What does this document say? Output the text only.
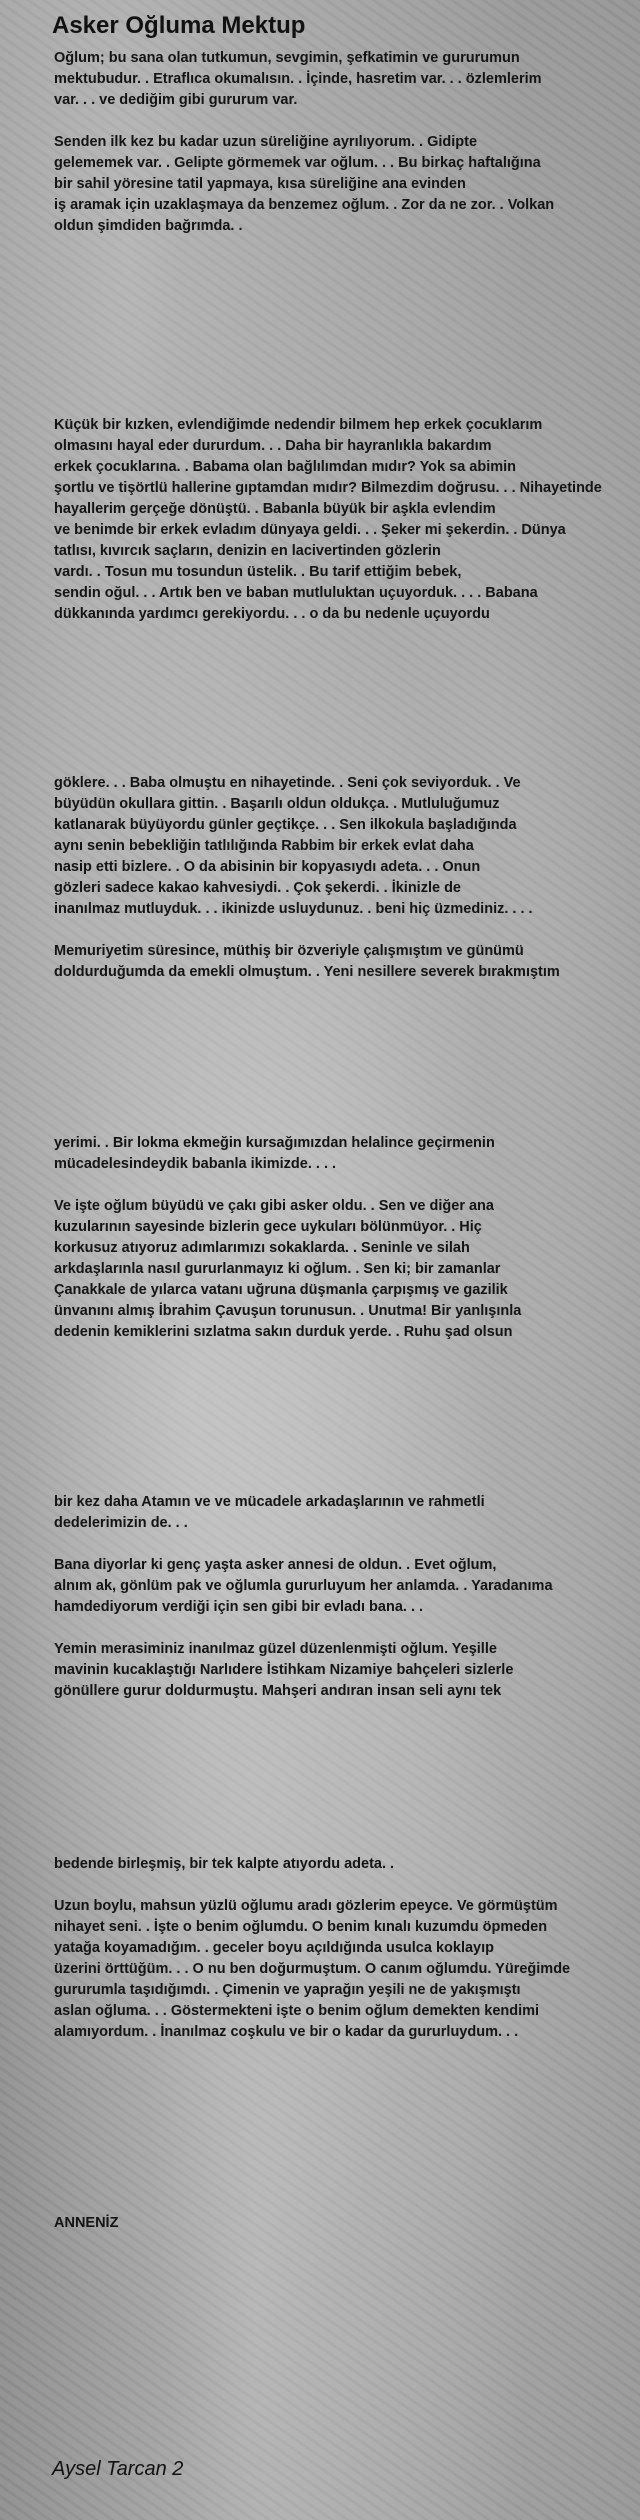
Asker Oğluma Mektup

Oğlum; bu sana olan tutkumun, sevgimin, şefkatimin ve gururumun
mektubudur. . Etraflıca okumalısın. . İçinde, hasretim var. . . özlemlerim
var. . . ve dediğim gibi gururum var.

Senden ilk kez bu kadar uzun süreliğine ayrılıyorum. . Gidipte
gelememek var. . Gelipte görmemek var oğlum. . . Bu birkaç haftalığına
bir sahil yöresine tatil yapmaya, kısa süreliğine ana evinden
iş aramak için uzaklaşmaya da benzemez oğlum. . Zor da ne zor. . Volkan
oldun şimdiden bağrımda. .

Küçük bir kızken, evlendiğimde nedendir bilmem hep erkek çocuklarım
olmasını hayal eder dururdum. . . Daha bir hayranlıkla bakardım
erkek çocuklarına. . Babama olan bağlılımdan mıdır? Yok sa abimin
şortlu ve tişörtlü hallerine gıptamdan mıdır? Bilmezdim doğrusu. . . Nihayetinde
hayallerim gerçeğe dönüştü. . Babanla büyük bir aşkla evlendim
ve benimde bir erkek evladım dünyaya geldi. . . Şeker mi şekerdin. . Dünya
tatlısı, kıvırcık saçların, denizin en lacivertinden gözlerin
vardı. . Tosun mu tosundun üstelik. . Bu tarif ettiğim bebek,
sendin oğul. . . Artık ben ve baban mutluluktan uçuyorduk. . . . Babana
dükkanında yardımcı gerekiyordu. . . o da bu nedenle uçuyordu

göklere. . . Baba olmuştu en nihayetinde. . Seni çok seviyorduk. . Ve
büyüdün okullara gittin. . Başarılı oldun oldukça. . Mutluluğumuz
katlanarak büyüyordu günler geçtikçe. . . Sen ilkokula başladığında
aynı senin bebekliğin tatlılığında Rabbim bir erkek evlat daha
nasip etti bizlere. . O da abisinin bir kopyasıydı adeta. . . Onun
gözleri sadece kakao kahvesiydi. . Çok şekerdi. . İkinizle de
inanılmaz mutluyduk. . . ikinizde usluydunuz. . beni hiç üzmediniz. . . .

Memuriyetim süresince, müthiş bir özveriyle çalışmıştım ve günümü
doldurduğumda da emekli olmuştum. . Yeni nesillere severek bırakmıştım

yerimi. . Bir lokma ekmeğin kursağımızdan helalince geçirmenin
mücadelesindeydik babanla ikimizde. . . .

Ve işte oğlum büyüdü ve çakı gibi asker oldu. . Sen ve diğer ana
kuzularının sayesinde bizlerin gece uykuları bölünmüyor. . Hiç
korkusuz atıyoruz adımlarımızı sokaklarda. . Seninle ve silah
arkdaşlarınla nasıl gururlanmayız ki oğlum. . Sen ki; bir zamanlar
Çanakkale de yılarca vatanı uğruna düşmanla çarpışmış ve gazilik
ünvanını almış İbrahim Çavuşun torunusun. . Unutma! Bir yanlışınla
dedenin kemiklerini sızlatma sakın durduk yerde. . Ruhu şad olsun

bir kez daha Atamın ve ve mücadele arkadaşlarının ve rahmetli
dedelerimizin de. . .

Bana diyorlar ki genç yaşta asker annesi de oldun. . Evet oğlum,
alnım ak, gönlüm pak ve oğlumla gururluyum her anlamda. . Yaradanıma
hamdediyorum verdiği için sen gibi bir evladı bana. . .

Yemin merasiminiz inanılmaz güzel düzenlenmişti oğlum. Yeşille
mavinin kucaklaştığı Narlıdere İstihkam Nizamiye bahçeleri sizlerle
gönüllere gurur doldurmuştu. Mahşeri andıran insan seli aynı tek

bedende birleşmiş, bir tek kalpte atıyordu adeta. .

Uzun boylu, mahsun yüzlü oğlumu aradı gözlerim epeyce. Ve görmüştüm
nihayet seni. . İşte o benim oğlumdu. O benim kınalı kuzumdu öpmeden
yatağa koyamadığım. . geceler boyu açıldığında usulca koklayıp
üzerini örttüğüm. . . O nu ben doğurmuştum. O canım oğlumdu. Yüreğimde
gururumla taşıdığımdı. . Çimenin ve yaprağın yeşili ne de yakışmıştı
aslan oğluma. . . Göstermekteni işte o benim oğlum demekten kendimi
alamıyordum. . İnanılmaz coşkulu ve bir o kadar da gururluydum. . .

ANNENİZ
Aysel Tarcan 2
